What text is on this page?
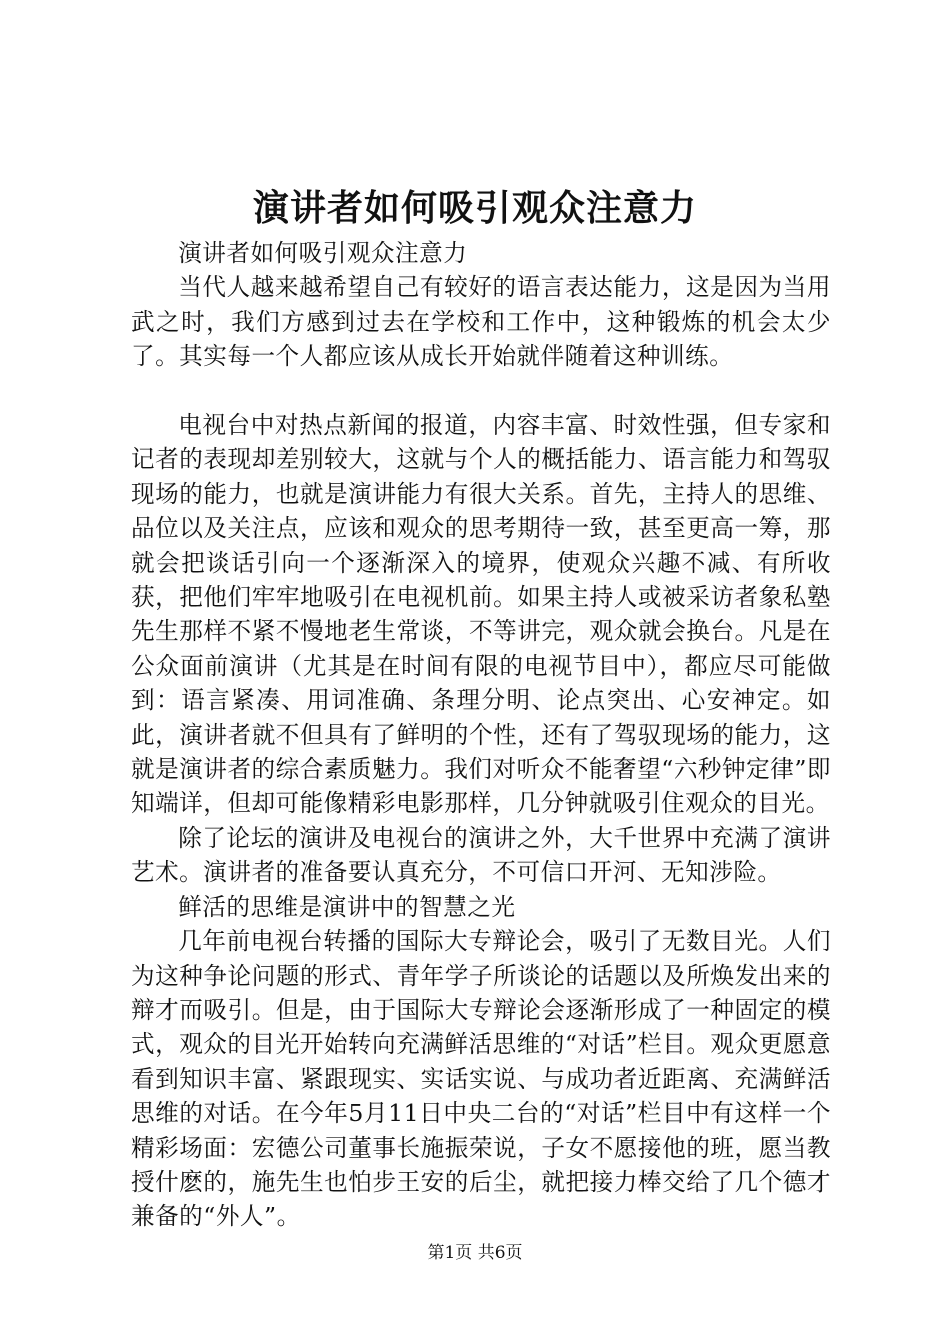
演讲者如何吸引观众注意力

演讲者如何吸引观众注意力

当代人越来越希望自己有较好的语言表达能力，这是因为当用武之时，我们方感到过去在学校和工作中，这种锻炼的机会太少了。其实每一个人都应该从成长开始就伴随着这种训练。

电视台中对热点新闻的报道，内容丰富、时效性强，但专家和记者的表现却差别较大，这就与个人的概括能力、语言能力和驾驭现场的能力，也就是演讲能力有很大关系。首先，主持人的思维、品位以及关注点，应该和观众的思考期待一致，甚至更高一筹，那就会把谈话引向一个逐渐深入的境界，使观众兴趣不减、有所收获，把他们牢牢地吸引在电视机前。如果主持人或被采访者象私塾先生那样不紧不慢地老生常谈，不等讲完，观众就会换台。凡是在公众面前演讲（尤其是在时间有限的电视节目中），都应尽可能做到：语言紧凑、用词准确、条理分明、论点突出、心安神定。如此，演讲者就不但具有了鲜明的个性，还有了驾驭现场的能力，这就是演讲者的综合素质魅力。我们对听众不能奢望“六秒钟定律”即知端详，但却可能像精彩电影那样，几分钟就吸引住观众的目光。

除了论坛的演讲及电视台的演讲之外，大千世界中充满了演讲艺术。演讲者的准备要认真充分，不可信口开河、无知涉险。

鲜活的思维是演讲中的智慧之光

几年前电视台转播的国际大专辩论会，吸引了无数目光。人们为这种争论问题的形式、青年学子所谈论的话题以及所焕发出来的辩才而吸引。但是，由于国际大专辩论会逐渐形成了一种固定的模式，观众的目光开始转向充满鲜活思维的“对话”栏目。观众更愿意看到知识丰富、紧跟现实、实话实说、与成功者近距离、充满鲜活思维的对话。在今年5月11日中央二台的“对话”栏目中有这样一个精彩场面：宏德公司董事长施振荣说，子女不愿接他的班，愿当教授什麽的，施先生也怕步王安的后尘，就把接力棒交给了几个德才兼备的“外人”。

第1页 共6页
